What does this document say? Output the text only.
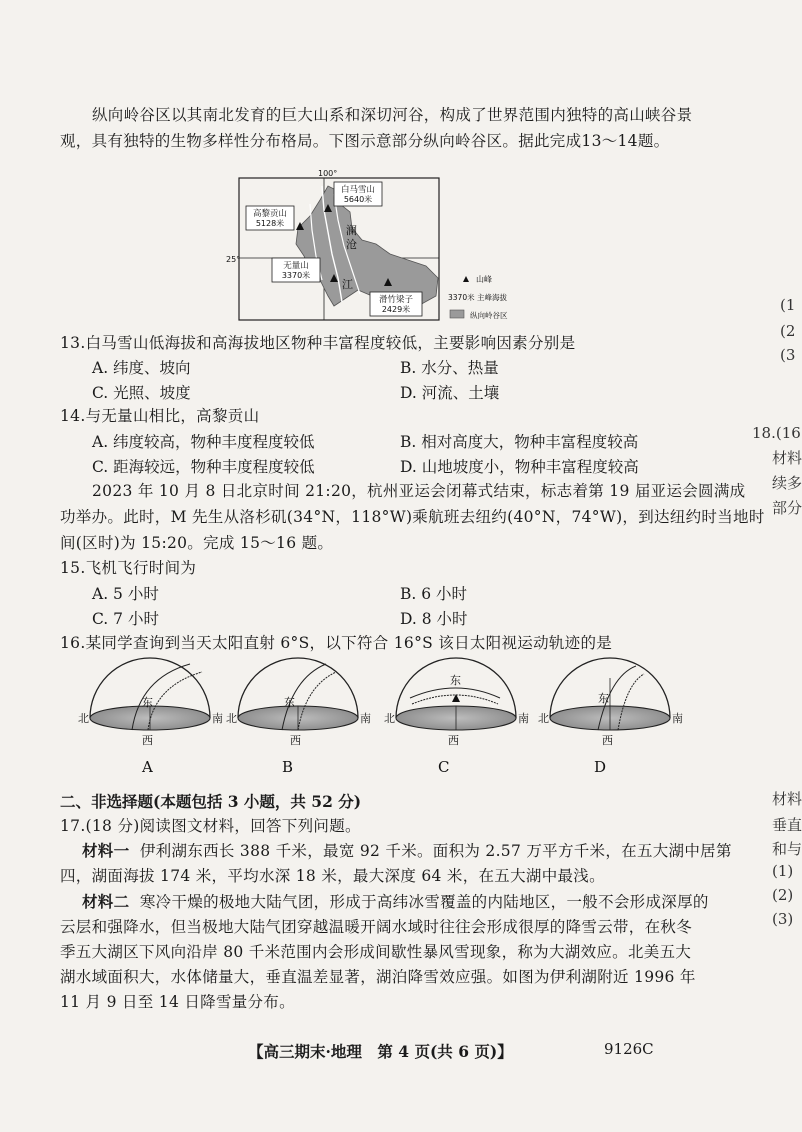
纵向岭谷区以其南北发育的巨大山系和深切河谷，构成了世界范围内独特的高山峡谷景
观，具有独特的生物多样性分布格局。下图示意部分纵向岭谷区。据此完成13～14题。
白马雪山
5640米
高黎贡山
5128米
无量山
3370米
滑竹梁子
2429米
澜
沧
江
100°
25°
山峰
3370米 主峰海拔
纵向岭谷区
13.白马雪山低海拔和高海拔地区物种丰富程度较低，主要影响因素分别是
A. 纬度、坡向	B. 水分、热量
C. 光照、坡度	D. 河流、土壤
14.与无量山相比，高黎贡山
A. 纬度较高，物种丰度程度较低	B. 相对高度大，物种丰富程度较高
C. 距海较远，物种丰度程度较低	D. 山地坡度小，物种丰富程度较高
2023 年 10 月 8 日北京时间 21:20，杭州亚运会闭幕式结束，标志着第 19 届亚运会圆满成
功举办。此时，M 先生从洛杉矶(34°N，118°W)乘航班去纽约(40°N，74°W)，到达纽约时当地时
间(区时)为 15:20。完成 15～16 题。
15.飞机飞行时间为
A. 5 小时	B. 6 小时
C. 7 小时	D. 8 小时
16.某同学查询到当天太阳直射 6°S，以下符合 16°S 该日太阳视运动轨迹的是
北	南
东
西
北	南
东
西
北	南
东
西
北	南
东
西
A	B	C	D
二、非选择题(本题包括 3 小题，共 52 分)
17.(18 分)阅读图文材料，回答下列问题。
材料一 伊利湖东西长 388 千米，最宽 92 千米。面积为 2.57 万平方千米，在五大湖中居第
四，湖面海拔 174 米，平均水深 18 米，最大深度 64 米，在五大湖中最浅。
材料二 寒冷干燥的极地大陆气团，形成于高纬冰雪覆盖的内陆地区，一般不会形成深厚的
云层和强降水，但当极地大陆气团穿越温暖开阔水域时往往会形成很厚的降雪云带，在秋冬
季五大湖区下风向沿岸 80 千米范围内会形成间歇性暴风雪现象，称为大湖效应。北美五大
湖水域面积大，水体储量大，垂直温差显著，湖泊降雪效应强。如图为伊利湖附近 1996 年
11 月 9 日至 14 日降雪量分布。
(1
(2
(3
18.(16
材料
续多
部分
材料
垂直
和与
(1)
(2)
(3)
【高三期末·地理　第 4 页(共 6 页)】	9126C
